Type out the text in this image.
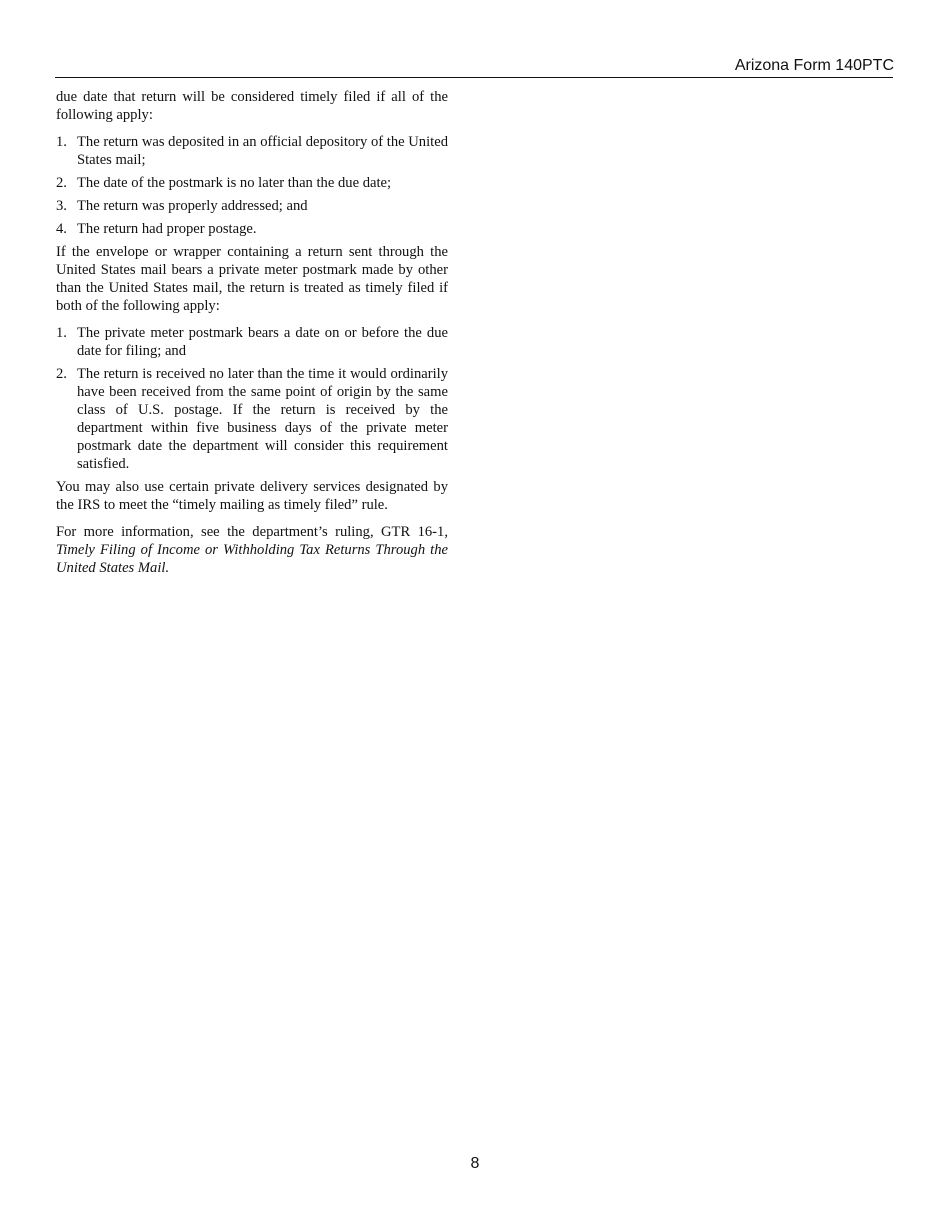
Arizona Form 140PTC

due date that return will be considered timely filed if all of the following apply:

1. The return was deposited in an official depository of the United States mail;
2. The date of the postmark is no later than the due date;
3. The return was properly addressed; and
4. The return had proper postage.

If the envelope or wrapper containing a return sent through the United States mail bears a private meter postmark made by other than the United States mail, the return is treated as timely filed if both of the following apply:

1. The private meter postmark bears a date on or before the due date for filing; and
2. The return is received no later than the time it would ordinarily have been received from the same point of origin by the same class of U.S. postage. If the return is received by the department within five business days of the private meter postmark date the department will consider this requirement satisfied.

You may also use certain private delivery services designated by the IRS to meet the “timely mailing as timely filed” rule.

For more information, see the department’s ruling, GTR 16-1, Timely Filing of Income or Withholding Tax Returns Through the United States Mail.

8
